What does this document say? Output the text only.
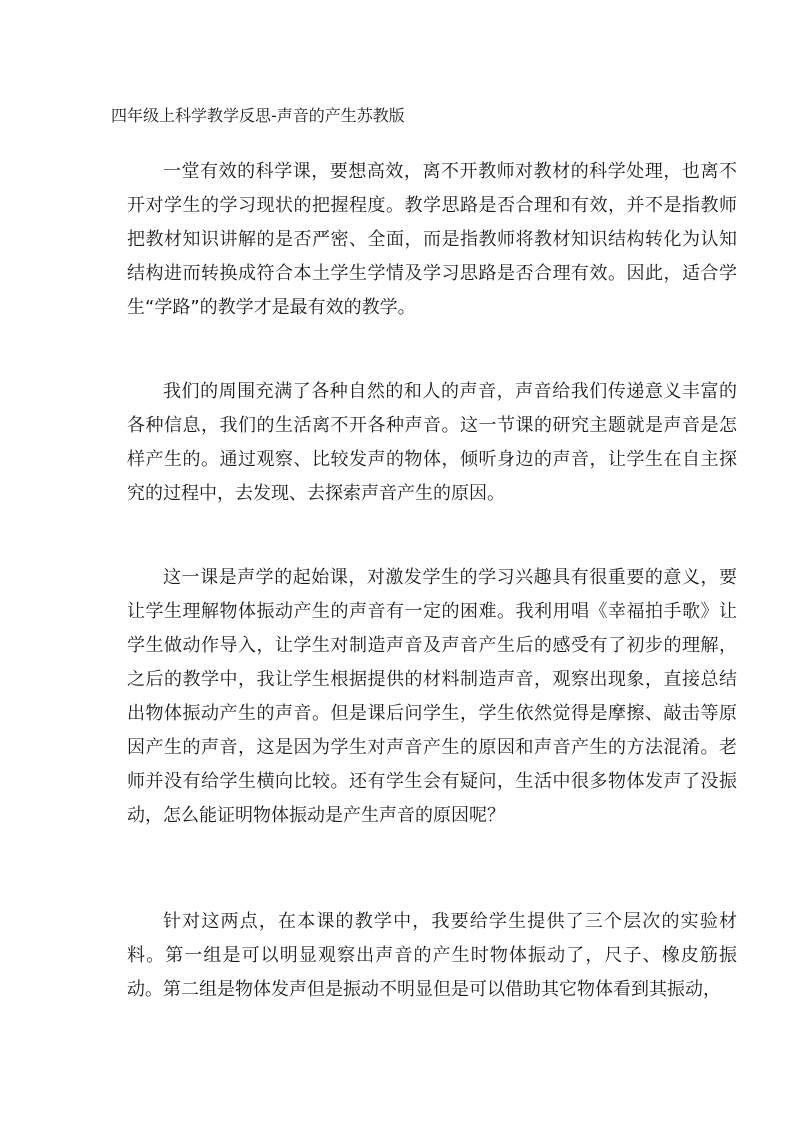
四年级上科学教学反思-声音的产生苏教版

一堂有效的科学课，要想高效，离不开教师对教材的科学处理，也离不开对学生的学习现状的把握程度。教学思路是否合理和有效，并不是指教师把教材知识讲解的是否严密、全面，而是指教师将教材知识结构转化为认知结构进而转换成符合本土学生学情及学习思路是否合理有效。因此，适合学生“学路”的教学才是最有效的教学。

我们的周围充满了各种自然的和人的声音，声音给我们传递意义丰富的各种信息，我们的生活离不开各种声音。这一节课的研究主题就是声音是怎样产生的。通过观察、比较发声的物体，倾听身边的声音，让学生在自主探究的过程中，去发现、去探索声音产生的原因。

这一课是声学的起始课，对激发学生的学习兴趣具有很重要的意义，要让学生理解物体振动产生的声音有一定的困难。我利用唱《幸福拍手歌》让学生做动作导入，让学生对制造声音及声音产生后的感受有了初步的理解，之后的教学中，我让学生根据提供的材料制造声音，观察出现象，直接总结出物体振动产生的声音。但是课后问学生，学生依然觉得是摩擦、敲击等原因产生的声音，这是因为学生对声音产生的原因和声音产生的方法混淆。老师并没有给学生横向比较。还有学生会有疑问，生活中很多物体发声了没振动，怎么能证明物体振动是产生声音的原因呢？

针对这两点，在本课的教学中，我要给学生提供了三个层次的实验材料。第一组是可以明显观察出声音的产生时物体振动了，尺子、橡皮筋振动。第二组是物体发声但是振动不明显但是可以借助其它物体看到其振动，
